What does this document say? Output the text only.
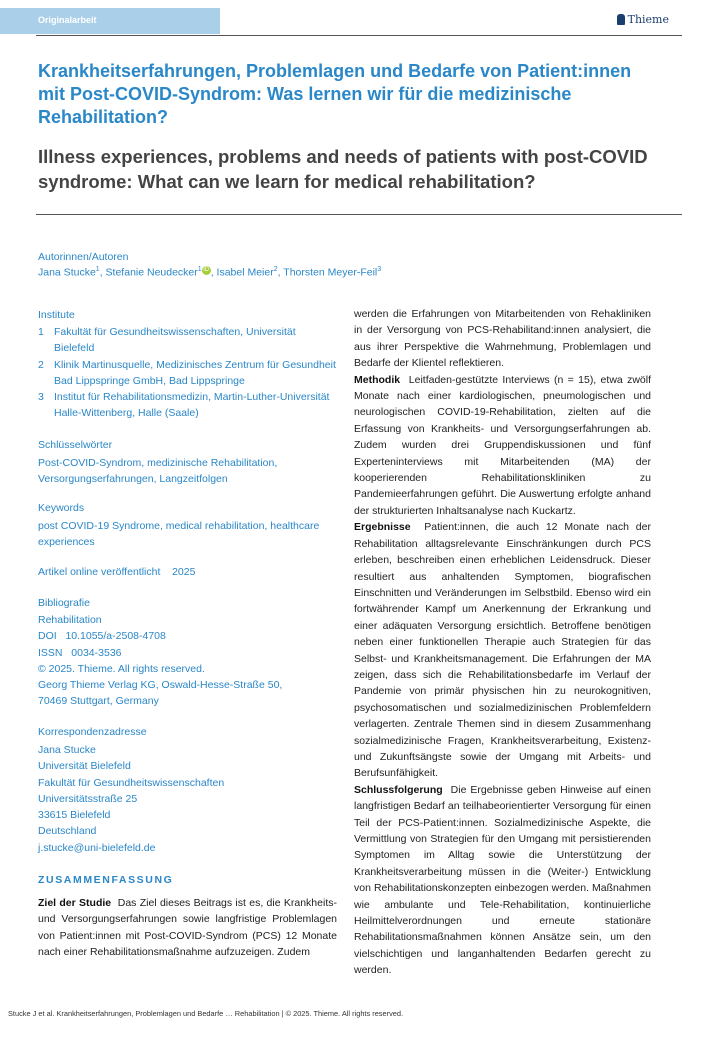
Originalarbeit	Thieme
Krankheitserfahrungen, Problemlagen und Bedarfe von Patient:innen mit Post-COVID-Syndrom: Was lernen wir für die medizinische Rehabilitation?
Illness experiences, problems and needs of patients with post-COVID syndrome: What can we learn for medical rehabilitation?
Autorinnen/Autoren
Jana Stucke$^1$, Stefanie Neudecker$^1$ iD , Isabel Meier$^2$, Thorsten Meyer-Feil$^3$
Institute
1 Fakultät für Gesundheitswissenschaften, Universität Bielefeld
2 Klinik Martinusquelle, Medizinisches Zentrum für Gesundheit Bad Lippspringe GmbH, Bad Lippspringe
3 Institut für Rehabilitationsmedizin, Martin-Luther-Universität Halle-Wittenberg, Halle (Saale)
Schlüsselwörter
Post-COVID-Syndrom, medizinische Rehabilitation, Versorgungserfahrungen, Langzeitfolgen
Keywords
post COVID-19 Syndrome, medical rehabilitation, healthcare experiences
Artikel online veröffentlicht 2025
Bibliografie
Rehabilitation
DOI 10.1055/a-2508-4708
ISSN 0034-3536
© 2025. Thieme. All rights reserved.
Georg Thieme Verlag KG, Oswald-Hesse-Straße 50,
70469 Stuttgart, Germany
Korrespondenzadresse
Jana Stucke
Universität Bielefeld
Fakultät für Gesundheitswissenschaften
Universitätsstraße 25
33615 Bielefeld
Deutschland
j.stucke@uni-bielefeld.de
ZUSAMMENFASSUNG
Ziel der Studie Das Ziel dieses Beitrags ist es, die Krankheits- und Versorgungserfahrungen sowie langfristige Problemlagen von Patient:innen mit Post-COVID-Syndrom (PCS) 12 Monate nach einer Rehabilitationsmaßnahme aufzuzeigen. Zudem
werden die Erfahrungen von Mitarbeitenden von Rehakliniken in der Versorgung von PCS-Rehabilitand:innen analysiert, die aus ihrer Perspektive die Wahrnehmung, Problemlagen und Bedarfe der Klientel reflektieren.
Methodik Leitfaden-gestützte Interviews (n = 15), etwa zwölf Monate nach einer kardiologischen, pneumologischen und neurologischen COVID-19-Rehabilitation, zielten auf die Erfassung von Krankheits- und Versorgungserfahrungen ab. Zudem wurden drei Gruppendiskussionen und fünf Experteninterviews mit Mitarbeitenden (MA) der kooperierenden Rehabilitationskliniken zu Pandemieerfahrungen geführt. Die Auswertung erfolgte anhand der strukturierten Inhaltsanalyse nach Kuckartz.
Ergebnisse Patient:innen, die auch 12 Monate nach der Rehabilitation alltagsrelevante Einschränkungen durch PCS erleben, beschreiben einen erheblichen Leidensdruck. Dieser resultiert aus anhaltenden Symptomen, biografischen Einschnitten und Veränderungen im Selbstbild. Ebenso wird ein fortwährender Kampf um Anerkennung der Erkrankung und einer adäquaten Versorgung ersichtlich. Betroffene benötigen neben einer funktionellen Therapie auch Strategien für das Selbst- und Krankheitsmanagement. Die Erfahrungen der MA zeigen, dass sich die Rehabilitationsbedarfe im Verlauf der Pandemie von primär physischen hin zu neurokognitiven, psychosomatischen und sozialmedizinischen Problemfeldern verlagerten. Zentrale Themen sind in diesem Zusammenhang sozialmedizinische Fragen, Krankheitsverarbeitung, Existenz- und Zukunftsängste sowie der Umgang mit Arbeits- und Berufsunfähigkeit.
Schlussfolgerung Die Ergebnisse geben Hinweise auf einen langfristigen Bedarf an teilhabeorientierter Versorgung für einen Teil der PCS-Patient:innen. Sozialmedizinische Aspekte, die Vermittlung von Strategien für den Umgang mit persistierenden Symptomen im Alltag sowie die Unterstützung der Krankheitsverarbeitung müssen in die (Weiter-) Entwicklung von Rehabilitationskonzepten einbezogen werden. Maßnahmen wie ambulante und Tele-Rehabilitation, kontinuierliche Heilmittelverordnungen und erneute stationäre Rehabilitationsmaßnahmen können Ansätze sein, um den vielschichtigen und langanhaltenden Bedarfen gerecht zu werden.
Stucke J et al. Krankheitserfahrungen, Problemlagen und Bedarfe … Rehabilitation | © 2025. Thieme. All rights reserved.
